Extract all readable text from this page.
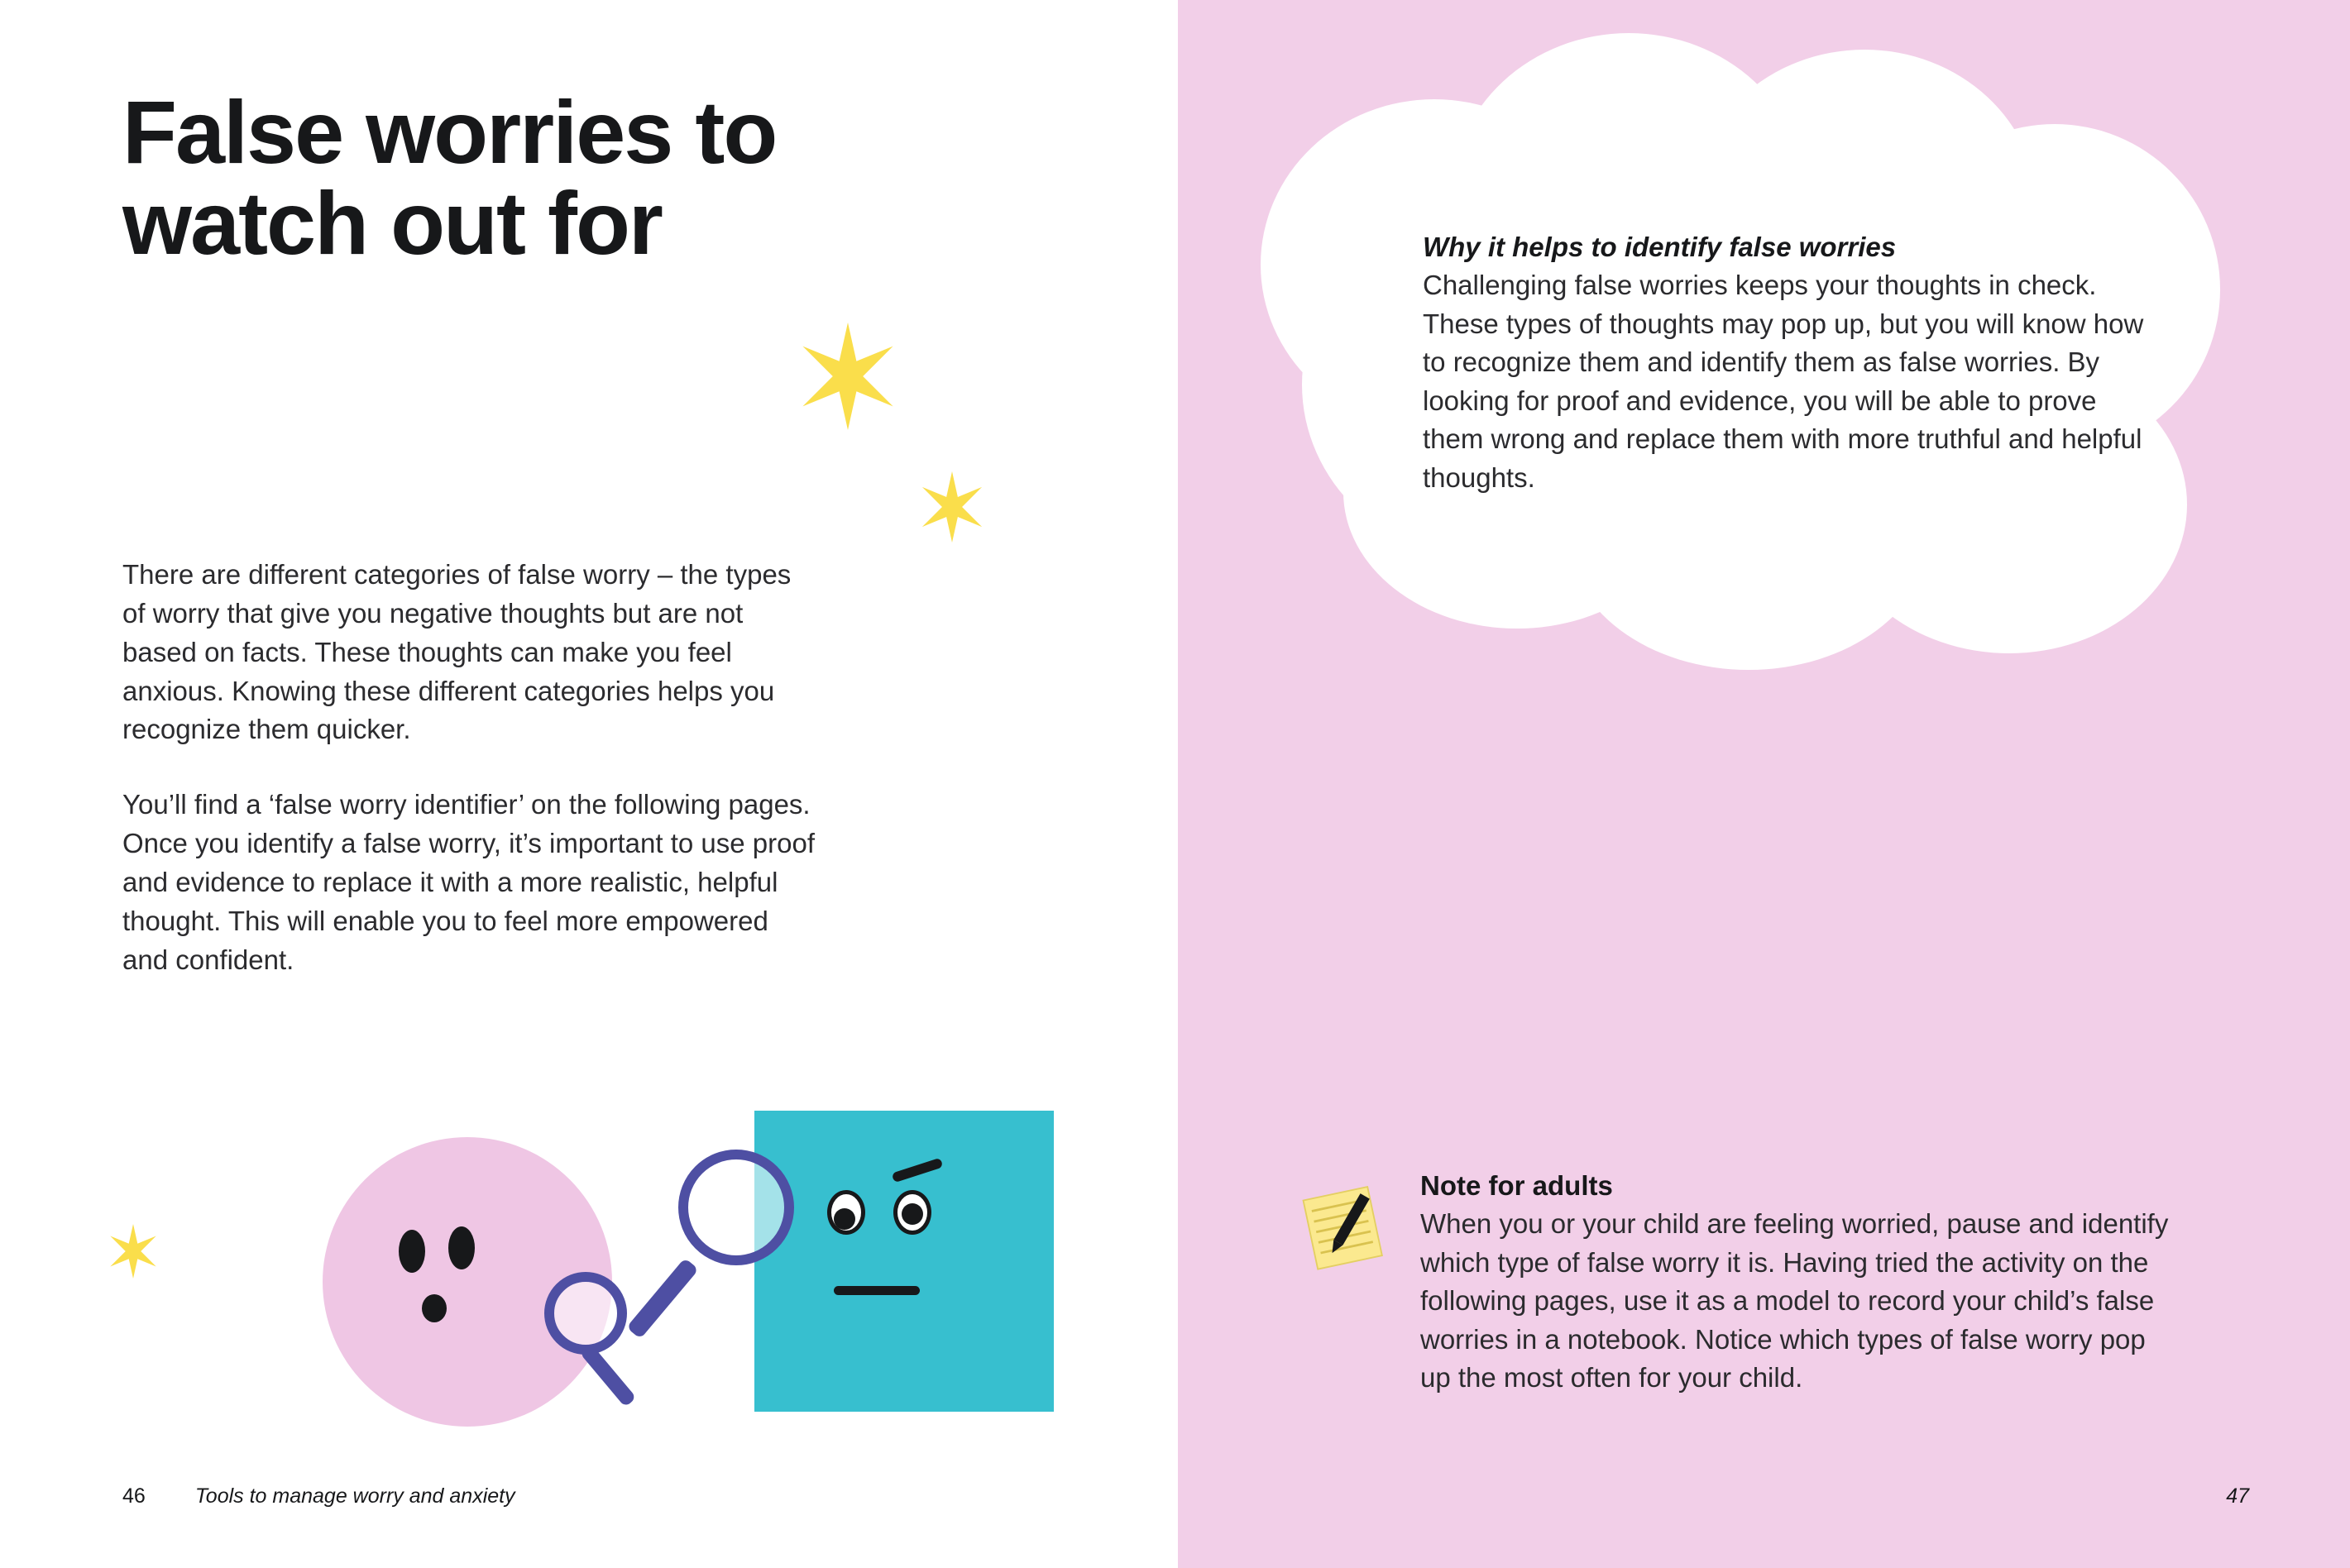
False worries to watch out for

There are different categories of false worry – the types of worry that give you negative thoughts but are not based on facts. These thoughts can make you feel anxious. Knowing these different categories helps you recognize them quicker.

You’ll find a ‘false worry identifier’ on the following pages. Once you identify a false worry, it’s important to use proof and evidence to replace it with a more realistic, helpful thought. This will enable you to feel more empowered and confident.

46 Tools to manage worry and anxiety
Why it helps to identify false worries

Challenging false worries keeps your thoughts in check. These types of thoughts may pop up, but you will know how to recognize them and identify them as false worries. By looking for proof and evidence, you will be able to prove them wrong and replace them with more truthful and helpful thoughts.

Note for adults

When you or your child are feeling worried, pause and identify which type of false worry it is. Having tried the activity on the following pages, use it as a model to record your child’s false worries in a notebook. Notice which types of false worry pop up the most often for your child.

47
